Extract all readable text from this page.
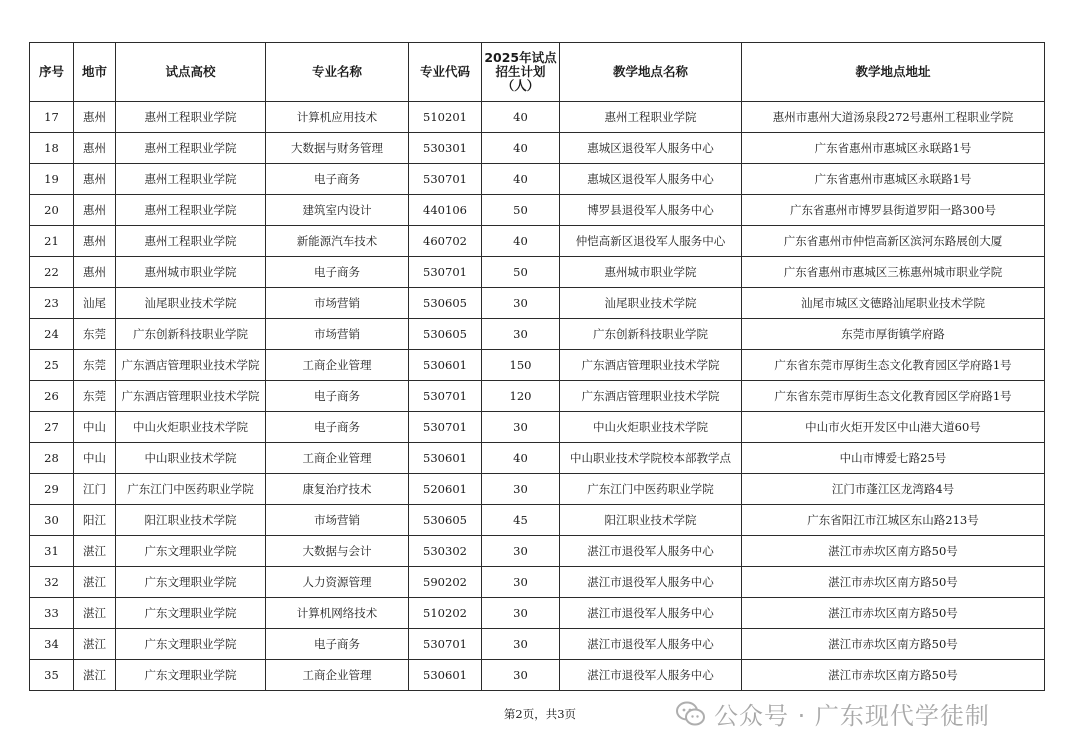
序号	地市	试点高校	专业名称	专业代码	2025年试点招生计划（人）	教学地点名称	教学地点地址
17	惠州	惠州工程职业学院	计算机应用技术	510201	40	惠州工程职业学院	惠州市惠州大道汤泉段272号惠州工程职业学院
18	惠州	惠州工程职业学院	大数据与财务管理	530301	40	惠城区退役军人服务中心	广东省惠州市惠城区永联路1号
19	惠州	惠州工程职业学院	电子商务	530701	40	惠城区退役军人服务中心	广东省惠州市惠城区永联路1号
20	惠州	惠州工程职业学院	建筑室内设计	440106	50	博罗县退役军人服务中心	广东省惠州市博罗县街道罗阳一路300号
21	惠州	惠州工程职业学院	新能源汽车技术	460702	40	仲恺高新区退役军人服务中心	广东省惠州市仲恺高新区滨河东路展创大厦
22	惠州	惠州城市职业学院	电子商务	530701	50	惠州城市职业学院	广东省惠州市惠城区三栋惠州城市职业学院
23	汕尾	汕尾职业技术学院	市场营销	530605	30	汕尾职业技术学院	汕尾市城区文德路汕尾职业技术学院
24	东莞	广东创新科技职业学院	市场营销	530605	30	广东创新科技职业学院	东莞市厚街镇学府路
25	东莞	广东酒店管理职业技术学院	工商企业管理	530601	150	广东酒店管理职业技术学院	广东省东莞市厚街生态文化教育园区学府路1号
26	东莞	广东酒店管理职业技术学院	电子商务	530701	120	广东酒店管理职业技术学院	广东省东莞市厚街生态文化教育园区学府路1号
27	中山	中山火炬职业技术学院	电子商务	530701	30	中山火炬职业技术学院	中山市火炬开发区中山港大道60号
28	中山	中山职业技术学院	工商企业管理	530601	40	中山职业技术学院校本部教学点	中山市博爱七路25号
29	江门	广东江门中医药职业学院	康复治疗技术	520601	30	广东江门中医药职业学院	江门市蓬江区龙湾路4号
30	阳江	阳江职业技术学院	市场营销	530605	45	阳江职业技术学院	广东省阳江市江城区东山路213号
31	湛江	广东文理职业学院	大数据与会计	530302	30	湛江市退役军人服务中心	湛江市赤坎区南方路50号
32	湛江	广东文理职业学院	人力资源管理	590202	30	湛江市退役军人服务中心	湛江市赤坎区南方路50号
33	湛江	广东文理职业学院	计算机网络技术	510202	30	湛江市退役军人服务中心	湛江市赤坎区南方路50号
34	湛江	广东文理职业学院	电子商务	530701	30	湛江市退役军人服务中心	湛江市赤坎区南方路50号
35	湛江	广东文理职业学院	工商企业管理	530601	30	湛江市退役军人服务中心	湛江市赤坎区南方路50号
第2页，共3页	公众号 · 广东现代学徒制
